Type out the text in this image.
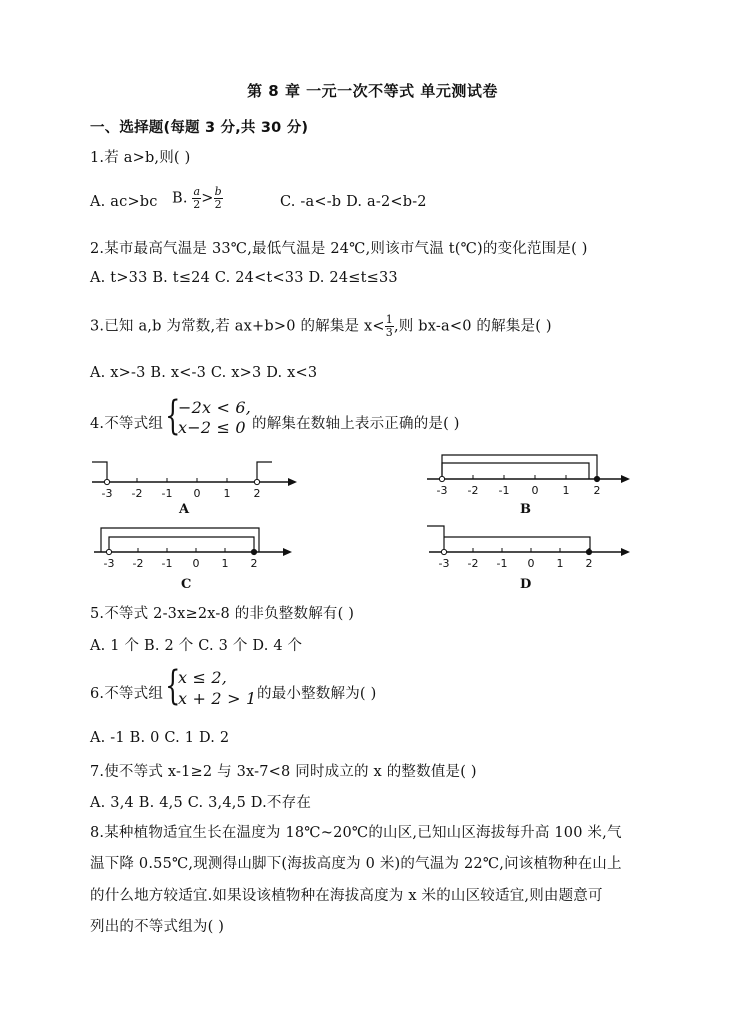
第 8 章 一元一次不等式 单元测试卷
一、选择题(每题 3 分,共 30 分)
1.若 a>b,则( )
A. ac>bc B. $\frac{a}{2} > \frac{b}{2}$	C. -a<-b D. a-2<b-2
2.某市最高气温是 33℃,最低气温是 24℃,则该市气温 t(℃)的变化范围是( )
A. t>33 B. t≤24 C. 24<t<33 D. 24≤t≤33
3.已知 a,b 为常数,若 ax+b>0 的解集是 $x< \frac{1}{3}$ ,则 bx-a<0 的解集是( )
A. x>-3 B. x<-3 C. x>3 D. x<3
4.不等式组 {
−2x < 6,
x−2 ≤ 0 的解集在数轴上表示正确的是( )
-3 -2 -1 0 1 2	-3 -2 -1 0 1 2
-3 -2 -1 0 1 2	-3 -2 -1 0 1 2
A	B
C	D
5.不等式 2-3x≥2x-8 的非负整数解有( )
A. 1 个 B. 2 个 C. 3 个 D. 4 个
6.不等式组 {
x ≤ 2,
x + 2 > 1 的最小整数解为( )
A. -1 B. 0 C. 1 D. 2
7.使不等式 x-1≥2 与 3x-7<8 同时成立的 x 的整数值是( )
A. 3,4 B. 4,5 C. 3,4,5 D.不存在
8.某种植物适宜生长在温度为 18℃~20℃的山区,已知山区海拔每升高 100 米,气
温下降 0.55℃,现测得山脚下(海拔高度为 0 米)的气温为 22℃,问该植物种在山上
的什么地方较适宜.如果设该植物种在海拔高度为 x 米的山区较适宜,则由题意可
列出的不等式组为( )
